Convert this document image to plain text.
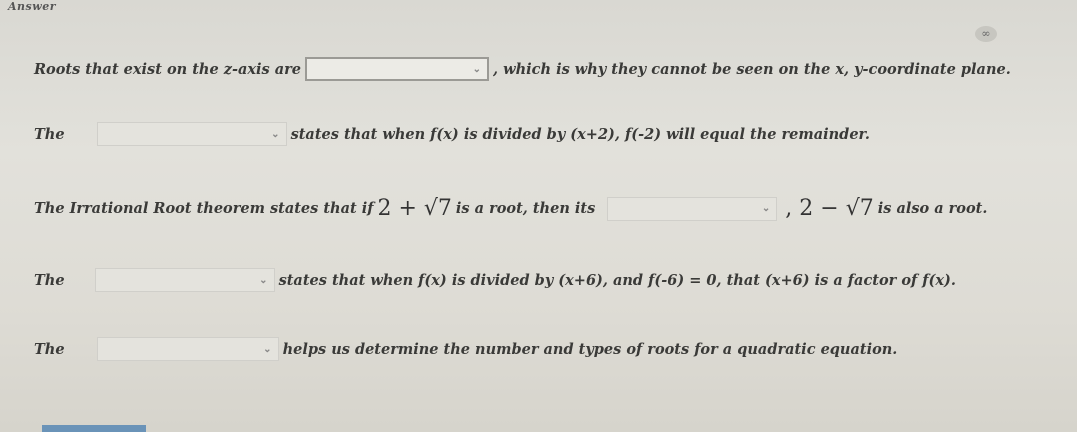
Answer
∞
Roots that exist on the z-axis are	⌄ , which is why they cannot be seen on the x, y-coordinate plane.
The	⌄ states that when f(x) is divided by (x+2), f(-2) will equal the remainder.
The Irrational Root theorem states that if 2 + √7 is a root, then its	⌄ , 2 − √7 is also a root.
The	⌄ states that when f(x) is divided by (x+6), and f(-6) = 0, that (x+6) is a factor of f(x).
The	⌄ helps us determine the number and types of roots for a quadratic equation.
